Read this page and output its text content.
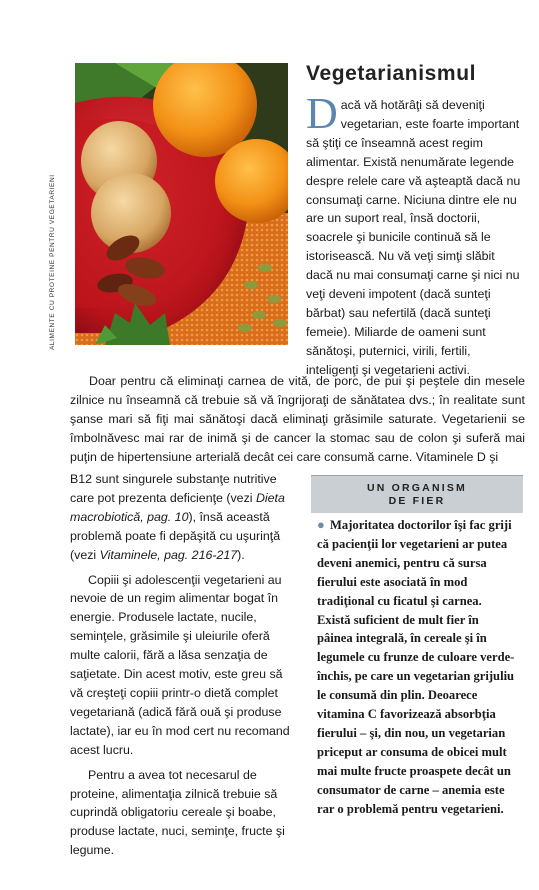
ALIMENTE CU PROTEINE PENTRU VEGETARIENI
Vegetarianismul
Dacă vă hotărâţi să deveniţi vegetarian, este foarte important să ştiţi ce înseamnă acest regim alimentar. Există nenumărate legende despre relele care vă aşteaptă dacă nu consumaţi carne. Niciuna dintre ele nu are un suport real, însă doctorii, soacrele şi bunicile continuă să le istorisească. Nu vă veţi simţi slăbit dacă nu mai consumaţi carne şi nici nu veţi deveni impotent (dacă sunteţi bărbat) sau nefertilă (dacă sunteţi femeie). Miliarde de oameni sunt sănătoşi, puternici, virili, fertili, inteligenţi şi vegetarieni activi.
Doar pentru că eliminaţi carnea de vită, de porc, de pui şi peştele din mesele zilnice nu înseamnă că trebuie să vă îngrijoraţi de sănătatea dvs.; în realitate sunt şanse mari să fiţi mai sănătoşi dacă eliminaţi grăsimile saturate. Vegetarienii se îmbolnăvesc mai rar de inimă şi de cancer la stomac sau de colon şi suferă mai puţin de hipertensiune arterială decât cei care consumă carne. Vitaminele D şi

B12 sunt singurele substanţe nutritive care pot prezenta deficienţe (vezi Dieta macrobiotică, pag. 10), însă această problemă poate fi depăşită cu uşurinţă (vezi Vitaminele, pag. 216-217).

Copiii şi adolescenţii vegetarieni au nevoie de un regim alimentar bogat în energie. Produsele lactate, nucile, seminţele, grăsimile şi uleiurile oferă multe calorii, fără a lăsa senzaţia de saţietate. Din acest motiv, este greu să vă creşteţi copiii printr-o dietă complet vegetariană (adică fără ouă şi produse lactate), iar eu în mod cert nu recomand acest lucru.

Pentru a avea tot necesarul de proteine, alimentaţia zilnică trebuie să cuprindă obligatoriu cereale şi boabe, produse lactate, nuci, seminţe, fructe şi legume.

UN ORGANISM
DE FIER
● Majoritatea doctorilor îşi fac griji că pacienţii lor vegetarieni ar putea deveni anemici, pentru că sursa fierului este asociată în mod tradiţional cu ficatul şi carnea. Există suficient de mult fier în pâinea integrală, în cereale şi în legumele cu frunze de culoare verde-închis, pe care un vegetarian grijuliu le consumă din plin. Deoarece vitamina C favorizează absorbţia fierului – şi, din nou, un vegetarian priceput ar consuma de obicei mult mai multe fructe proaspete decât un consumator de carne – anemia este rar o problemă pentru vegetarieni.
